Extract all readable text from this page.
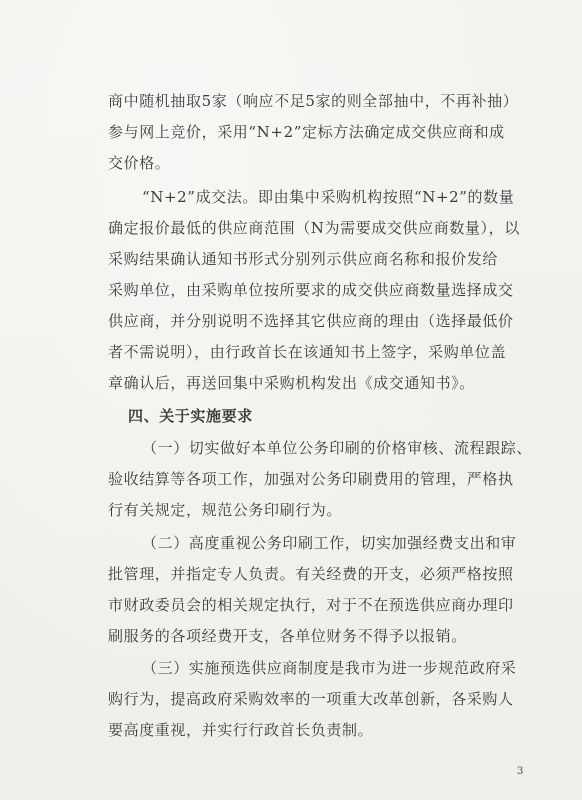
商中随机抽取5家（响应不足5家的则全部抽中，不再补抽）
参与网上竞价，采用“N+2”定标方法确定成交供应商和成
交价格。
“N+2”成交法。即由集中采购机构按照“N+2”的数量
确定报价最低的供应商范围（N为需要成交供应商数量），以
采购结果确认通知书形式分别列示供应商名称和报价发给
采购单位，由采购单位按所要求的成交供应商数量选择成交
供应商，并分别说明不选择其它供应商的理由（选择最低价
者不需说明），由行政首长在该通知书上签字，采购单位盖
章确认后，再送回集中采购机构发出《成交通知书》。
四、关于实施要求
（一）切实做好本单位公务印刷的价格审核、流程跟踪、
验收结算等各项工作，加强对公务印刷费用的管理，严格执
行有关规定，规范公务印刷行为。
（二）高度重视公务印刷工作，切实加强经费支出和审
批管理，并指定专人负责。有关经费的开支，必须严格按照
市财政委员会的相关规定执行，对于不在预选供应商办理印
刷服务的各项经费开支，各单位财务不得予以报销。
（三）实施预选供应商制度是我市为进一步规范政府采
购行为，提高政府采购效率的一项重大改革创新，各采购人
要高度重视，并实行行政首长负责制。
3
